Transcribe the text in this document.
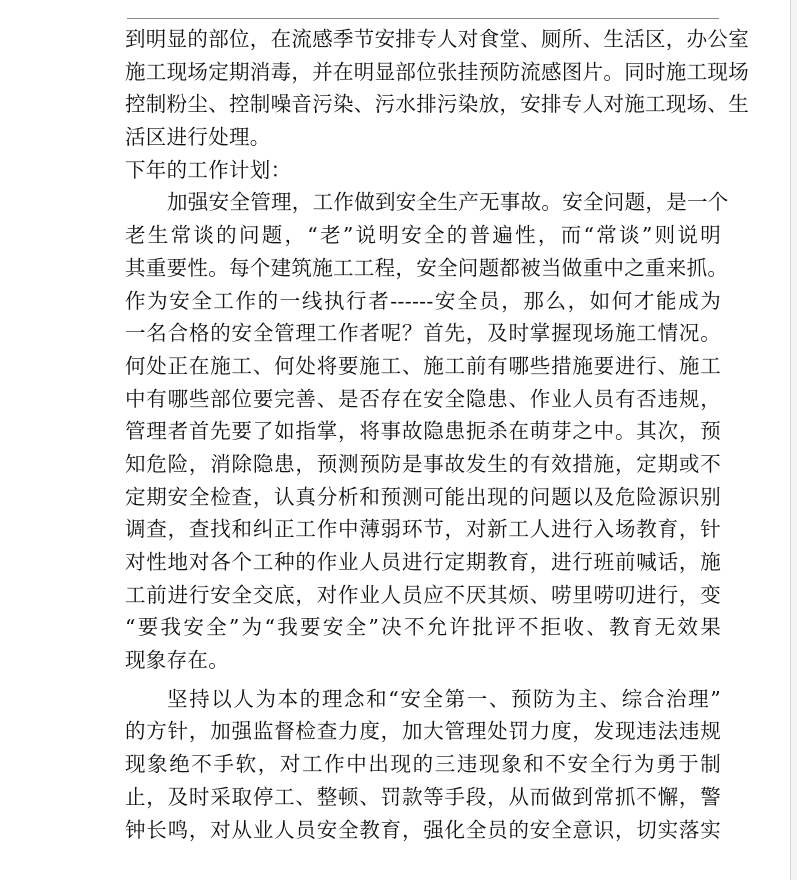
到明显的部位，在流感季节安排专人对食堂、厕所、生活区，办公室
施工现场定期消毒，并在明显部位张挂预防流感图片。同时施工现场
控制粉尘、控制噪音污染、污水排污染放，安排专人对施工现场、生
活区进行处理。
下年的工作计划：
加强安全管理，工作做到安全生产无事故。安全问题，是一个
老生常谈的问题，“老”说明安全的普遍性，而“常谈”则说明
其重要性。每个建筑施工工程，安全问题都被当做重中之重来抓。
作为安全工作的一线执行者------安全员，那么，如何才能成为
一名合格的安全管理工作者呢？首先，及时掌握现场施工情况。
何处正在施工、何处将要施工、施工前有哪些措施要进行、施工
中有哪些部位要完善、是否存在安全隐患、作业人员有否违规，
管理者首先要了如指掌，将事故隐患扼杀在萌芽之中。其次，预
知危险，消除隐患，预测预防是事故发生的有效措施，定期或不
定期安全检查，认真分析和预测可能出现的问题以及危险源识别
调查，查找和纠正工作中薄弱环节，对新工人进行入场教育，针
对性地对各个工种的作业人员进行定期教育，进行班前喊话，施
工前进行安全交底，对作业人员应不厌其烦、唠里唠叨进行，变
“要我安全”为“我要安全”决不允许批评不拒收、教育无效果
现象存在。
坚持以人为本的理念和“安全第一、预防为主、综合治理”
的方针，加强监督检查力度，加大管理处罚力度，发现违法违规
现象绝不手软，对工作中出现的三违现象和不安全行为勇于制
止，及时采取停工、整顿、罚款等手段，从而做到常抓不懈，警
钟长鸣，对从业人员安全教育，强化全员的安全意识，切实落实
